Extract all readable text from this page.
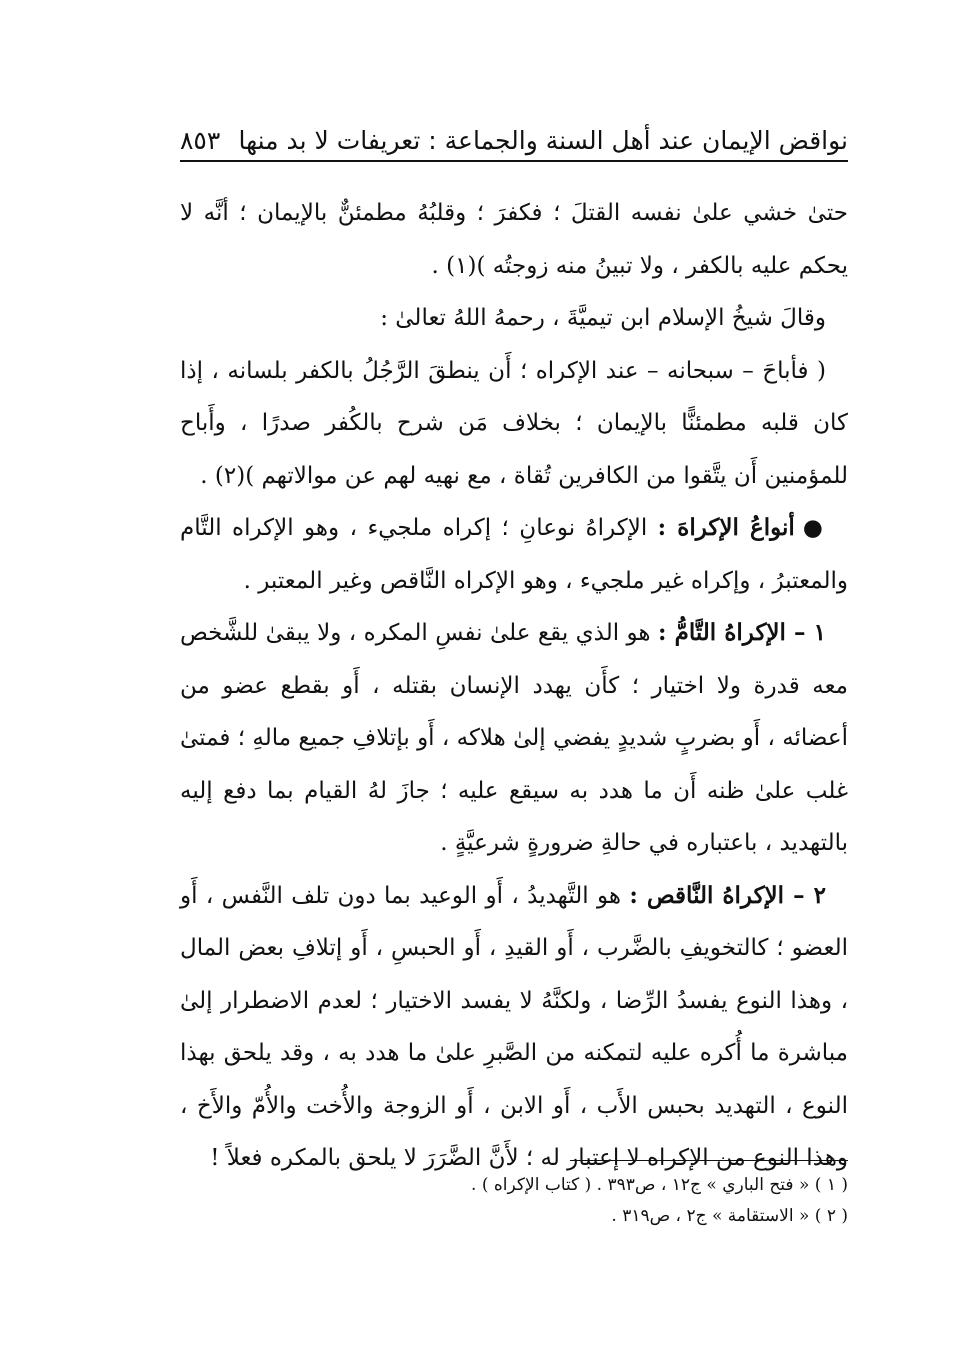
نواقض الإيمان عند أهل السنة والجماعة : تعريفات لا بد منها
٨٥٣

حتىٰ خشي علىٰ نفسه القتلَ ؛ فكفرَ ؛ وقلبُهُ مطمئنٌّ بالإيمان ؛ أنَّه لا يحكم عليه بالكفر ، ولا تبينُ منه زوجتُه )(١) .

وقالَ شيخُ الإسلام ابن تيميَّةَ ، رحمهُ اللهُ تعالىٰ :

( فأباحَ – سبحانه – عند الإكراه ؛ أَن ينطقَ الرَّجُلُ بالكفر بلسانه ، إذا كان قلبه مطمئنًّا بالإيمان ؛ بخلاف مَن شرح بالكُفر صدرًا ، وأَباح للمؤمنين أَن يتَّقوا من الكافرين تُقاة ، مع نهيه لهم عن موالاتهم )(٢) .

●أنواعُ الإكراهَ : الإكراهُ نوعانِ ؛ إكراه ملجيء ، وهو الإكراه التَّام والمعتبرُ ، وإكراه غير ملجيء ، وهو الإكراه النَّاقص وغير المعتبر .

١ – الإكراهُ التَّامُّ : هو الذي يقع علىٰ نفسِ المكره ، ولا يبقىٰ للشَّخص معه قدرة ولا اختيار ؛ كأَن يهدد الإنسان بقتله ، أَو بقطع عضو من أعضائه ، أَو بضربٍ شديدٍ يفضي إلىٰ هلاكه ، أَو بإتلافِ جميع مالهِ ؛ فمتىٰ غلب علىٰ ظنه أَن ما هدد به سيقع عليه ؛ جازَ لهُ القيام بما دفع إليه بالتهديد ، باعتباره في حالةِ ضرورةٍ شرعيَّةٍ .

٢ – الإكراهُ النَّاقص : هو التَّهديدُ ، أَو الوعيد بما دون تلف النَّفس ، أَو العضو ؛ كالتخويفِ بالضَّرب ، أَو القيدِ ، أَو الحبسِ ، أَو إتلافِ بعض المال ، وهذا النوع يفسدُ الرِّضا ، ولكنَّهُ لا يفسد الاختيار ؛ لعدم الاضطرار إلىٰ مباشرة ما أُكره عليه لتمكنه من الصَّبرِ علىٰ ما هدد به ، وقد يلحق بهذا النوع ، التهديد بحبس الأَب ، أَو الابن ، أَو الزوجة والأُخت والأُمّ والأَخ ، وهذا النوع من الإكراه لا إعتبار له ؛ لأَنَّ الضَّرَرَ لا يلحق بالمكره فعلاً !

( ١ ) « فتح الباري » ج١٢ ، ص٣٩٣ . ( كتاب الإكراه ) .

( ٢ ) « الاستقامة » ج٢ ، ص٣١٩ .
